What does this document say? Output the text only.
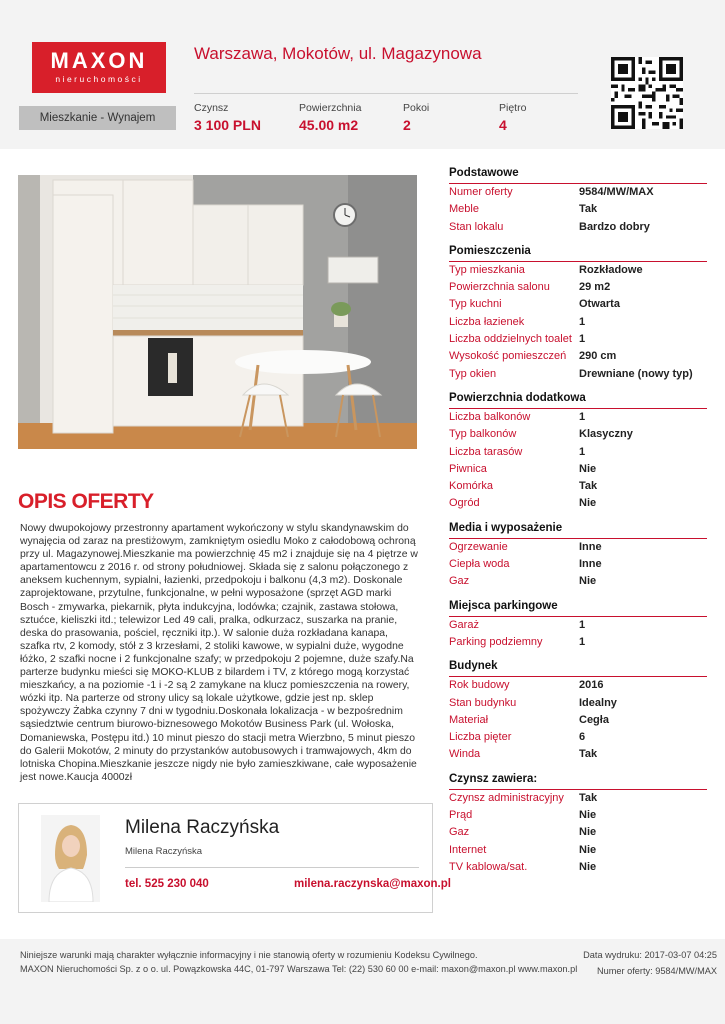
MAXON
nieruchomości
Warszawa, Mokotów, ul. Magazynowa
Mieszkanie - Wynajem
Czynsz
3 100 PLN
Powierzchnia
45.00 m2
Pokoi
2
Piętro
4
OPIS OFERTY
Nowy dwupokojowy przestronny apartament wykończony w stylu skandynawskim do wynajęcia od zaraz na prestiżowym, zamkniętym osiedlu Moko z całodobową ochroną przy ul. Magazynowej.Mieszkanie ma powierzchnię 45 m2 i znajduje się na 4 piętrze w apartamentowcu z 2016 r. od strony południowej. Składa się z salonu połączonego z aneksem kuchennym, sypialni, łazienki, przedpokoju i balkonu (4,3 m2). Doskonale zaprojektowane, przytulne, funkcjonalne, w pełni wyposażone (sprzęt AGD marki Bosch - zmywarka, piekarnik, płyta indukcyjna, lodówka; czajnik, zastawa stołowa, sztućce, kieliszki itd.; telewizor Led 49 cali, pralka, odkurzacz, suszarka na pranie, deska do prasowania, pościel, ręczniki itp.). W salonie duża rozkładana kanapa, szafka rtv, 2 komody, stół z 3 krzesłami, 2 stoliki kawowe, w sypialni duże, wygodne łóżko, 2 szafki nocne i 2 funkcjonalne szafy; w przedpokoju 2 pojemne, duże szafy.Na parterze budynku mieści się MOKO-KLUB z bilardem i TV, z którego mogą korzystać mieszkańcy, a na poziomie -1 i -2 są 2 zamykane na klucz pomieszczenia na rowery, wózki itp. Na parterze od strony ulicy są lokale użytkowe, gdzie jest np. sklep spożywczy Żabka czynny 7 dni w tygodniu.Doskonała lokalizacja - w bezpośrednim sąsiedztwie centrum biurowo-biznesowego Mokotów Business Park (ul. Wołoska, Domaniewska, Postępu itd.) 10 minut pieszo do stacji metra Wierzbno, 5 minut pieszo do Galerii Mokotów, 2 minuty do przystanków autobusowych i tramwajowych, 4km do lotniska Chopina.Mieszkanie jeszcze nigdy nie było zamieszkiwane, całe wyposażenie jest nowe.Kaucja 4000zł
Milena Raczyńska
Milena Raczyńska
tel. 525 230 040	milena.raczynska@maxon.pl
Podstawowe
Numer oferty	9584/MW/MAX
Meble	Tak
Stan lokalu	Bardzo dobry
Pomieszczenia
Typ mieszkania	Rozkładowe
Powierzchnia salonu	29 m2
Typ kuchni	Otwarta
Liczba łazienek	1
Liczba oddzielnych toalet 1
Wysokość pomieszczeń	290 cm
Typ okien	Drewniane (nowy typ)
Powierzchnia dodatkowa
Liczba balkonów	1
Typ balkonów	Klasyczny
Liczba tarasów	1
Piwnica	Nie
Komórka	Tak
Ogród	Nie
Media i wyposażenie
Ogrzewanie	Inne
Ciepła woda	Inne
Gaz	Nie
Miejsca parkingowe
Garaż	1
Parking podziemny	1
Budynek
Rok budowy	2016
Stan budynku	Idealny
Materiał	Cegła
Liczba pięter	6
Winda	Tak
Czynsz zawiera:
Czynsz administracyjny	Tak
Prąd	Nie
Gaz	Nie
Internet	Nie
TV kablowa/sat.	Nie
Niniejsze warunki mają charakter wyłącznie informacyjny i nie stanowią oferty w rozumieniu Kodeksu Cywilnego.
MAXON Nieruchomości Sp. z o o. ul. Powązkowska 44C, 01-797 Warszawa Tel: (22) 530 60 00 e-mail: maxon@maxon.pl www.maxon.pl
Data wydruku: 2017-03-07 04:25
Numer oferty: 9584/MW/MAX
